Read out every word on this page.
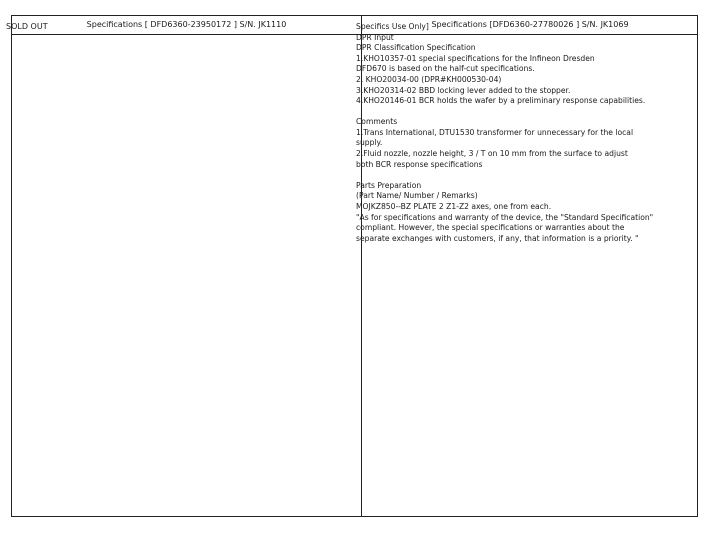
Specifications [ DFD6360-23950172 ] S/N. JK1110	Specifications [DFD6360-27780026 ] S/N. JK1069
SOLD OUT	Specifics Use Only]
DPR Input
DPR Classification Specification
1.KHO10357-01 special specifications for the Infineon Dresden
DFD670 is based on the half-cut specifications.
2. KHO20034-00 (DPR#KH000530-04)
3.KHO20314-02 BBD locking lever added to the stopper.
4.KHO20146-01 BCR holds the wafer by a preliminary response capabilities.
Comments
1.Trans International, DTU1530 transformer for unnecessary for the local
supply.
2.Fluid nozzle, nozzle height, 3 / T on 10 mm from the surface to adjust
both BCR response specifications
Parts Preparation
(Part Name/ Number / Remarks)
MOJKZ850--BZ PLATE 2 Z1-Z2 axes, one from each.
"As for specifications and warranty of the device, the "Standard Specification"
compliant. However, the special specifications or warranties about the
separate exchanges with customers, if any, that information is a priority. "
